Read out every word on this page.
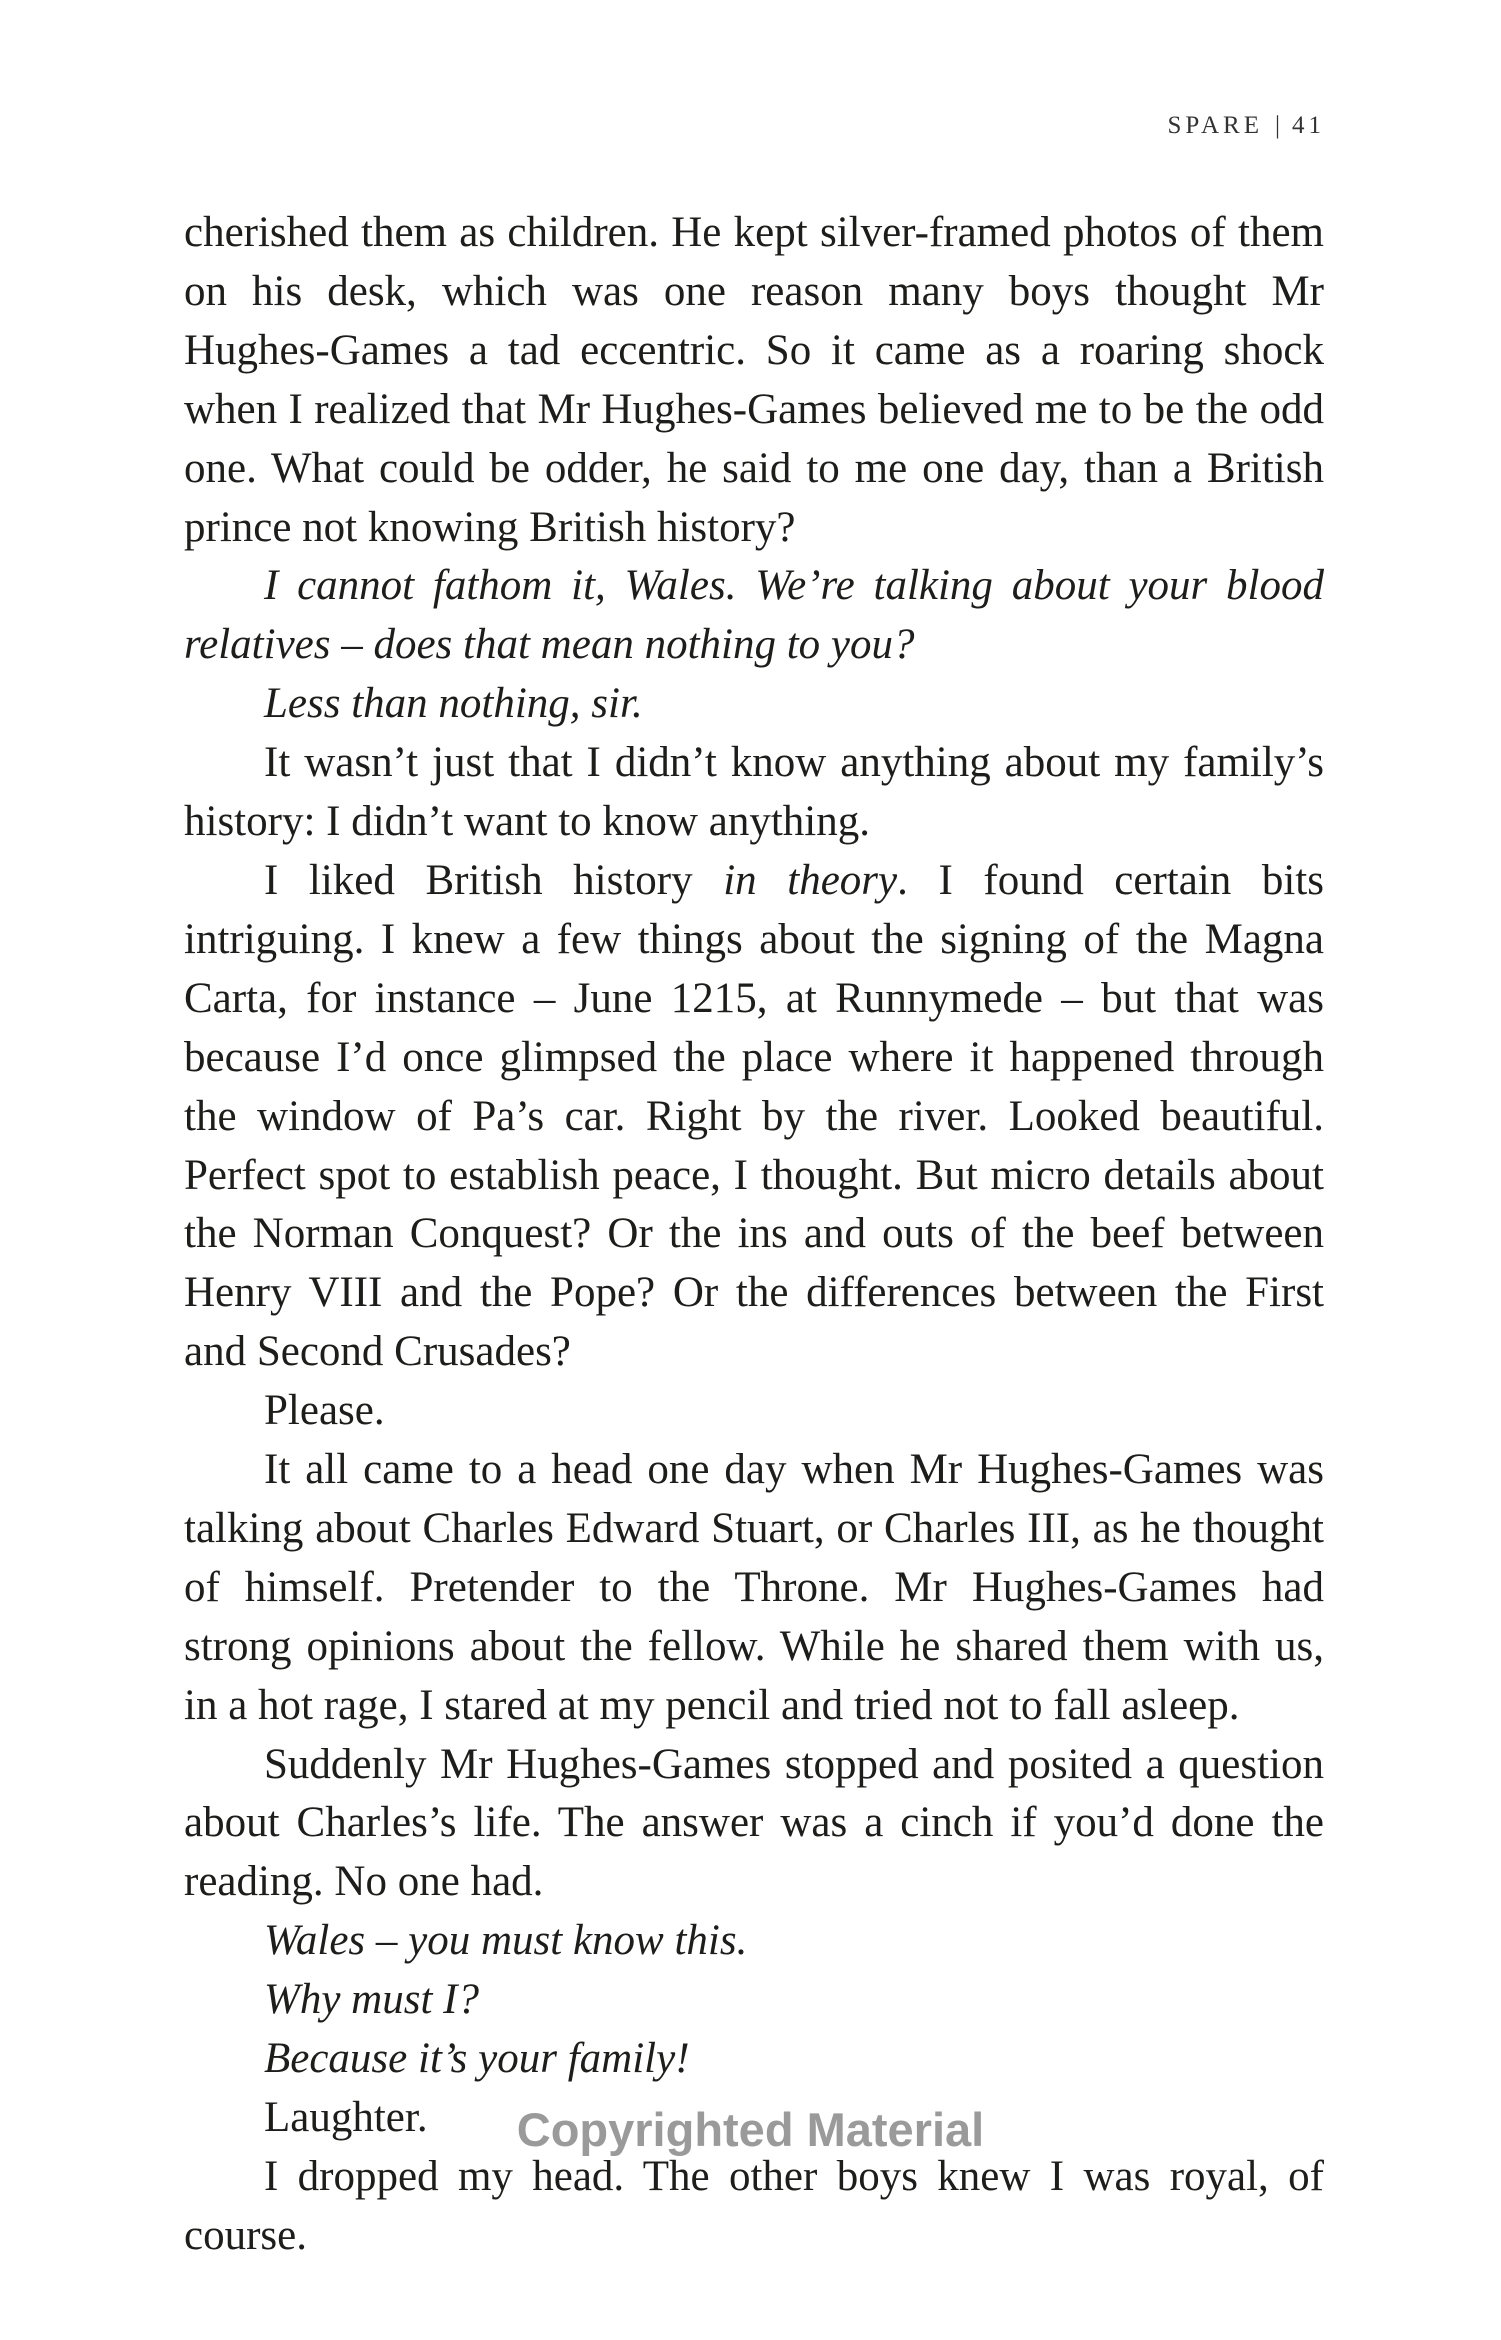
SPARE | 41

cherished them as children. He kept silver-framed photos of them on his desk, which was one reason many boys thought Mr Hughes-Games a tad eccentric. So it came as a roaring shock when I realized that Mr Hughes-Games believed me to be the odd one. What could be odder, he said to me one day, than a British prince not knowing British history?

I cannot fathom it, Wales. We’re talking about your blood relatives – does that mean nothing to you?

Less than nothing, sir.

It wasn’t just that I didn’t know anything about my family’s history: I didn’t want to know anything.

I liked British history in theory. I found certain bits intriguing. I knew a few things about the signing of the Magna Carta, for instance – June 1215, at Runnymede – but that was because I’d once glimpsed the place where it happened through the window of Pa’s car. Right by the river. Looked beautiful. Perfect spot to establish peace, I thought. But micro details about the Norman Conquest? Or the ins and outs of the beef between Henry VIII and the Pope? Or the differences between the First and Second Crusades?

Please.

It all came to a head one day when Mr Hughes-Games was talking about Charles Edward Stuart, or Charles III, as he thought of himself. Pretender to the Throne. Mr Hughes-Games had strong opinions about the fellow. While he shared them with us, in a hot rage, I stared at my pencil and tried not to fall asleep.

Suddenly Mr Hughes-Games stopped and posited a question about Charles’s life. The answer was a cinch if you’d done the reading. No one had.

Wales – you must know this.

Why must I?

Because it’s your family!

Laughter.

I dropped my head. The other boys knew I was royal, of course.

Copyrighted Material
